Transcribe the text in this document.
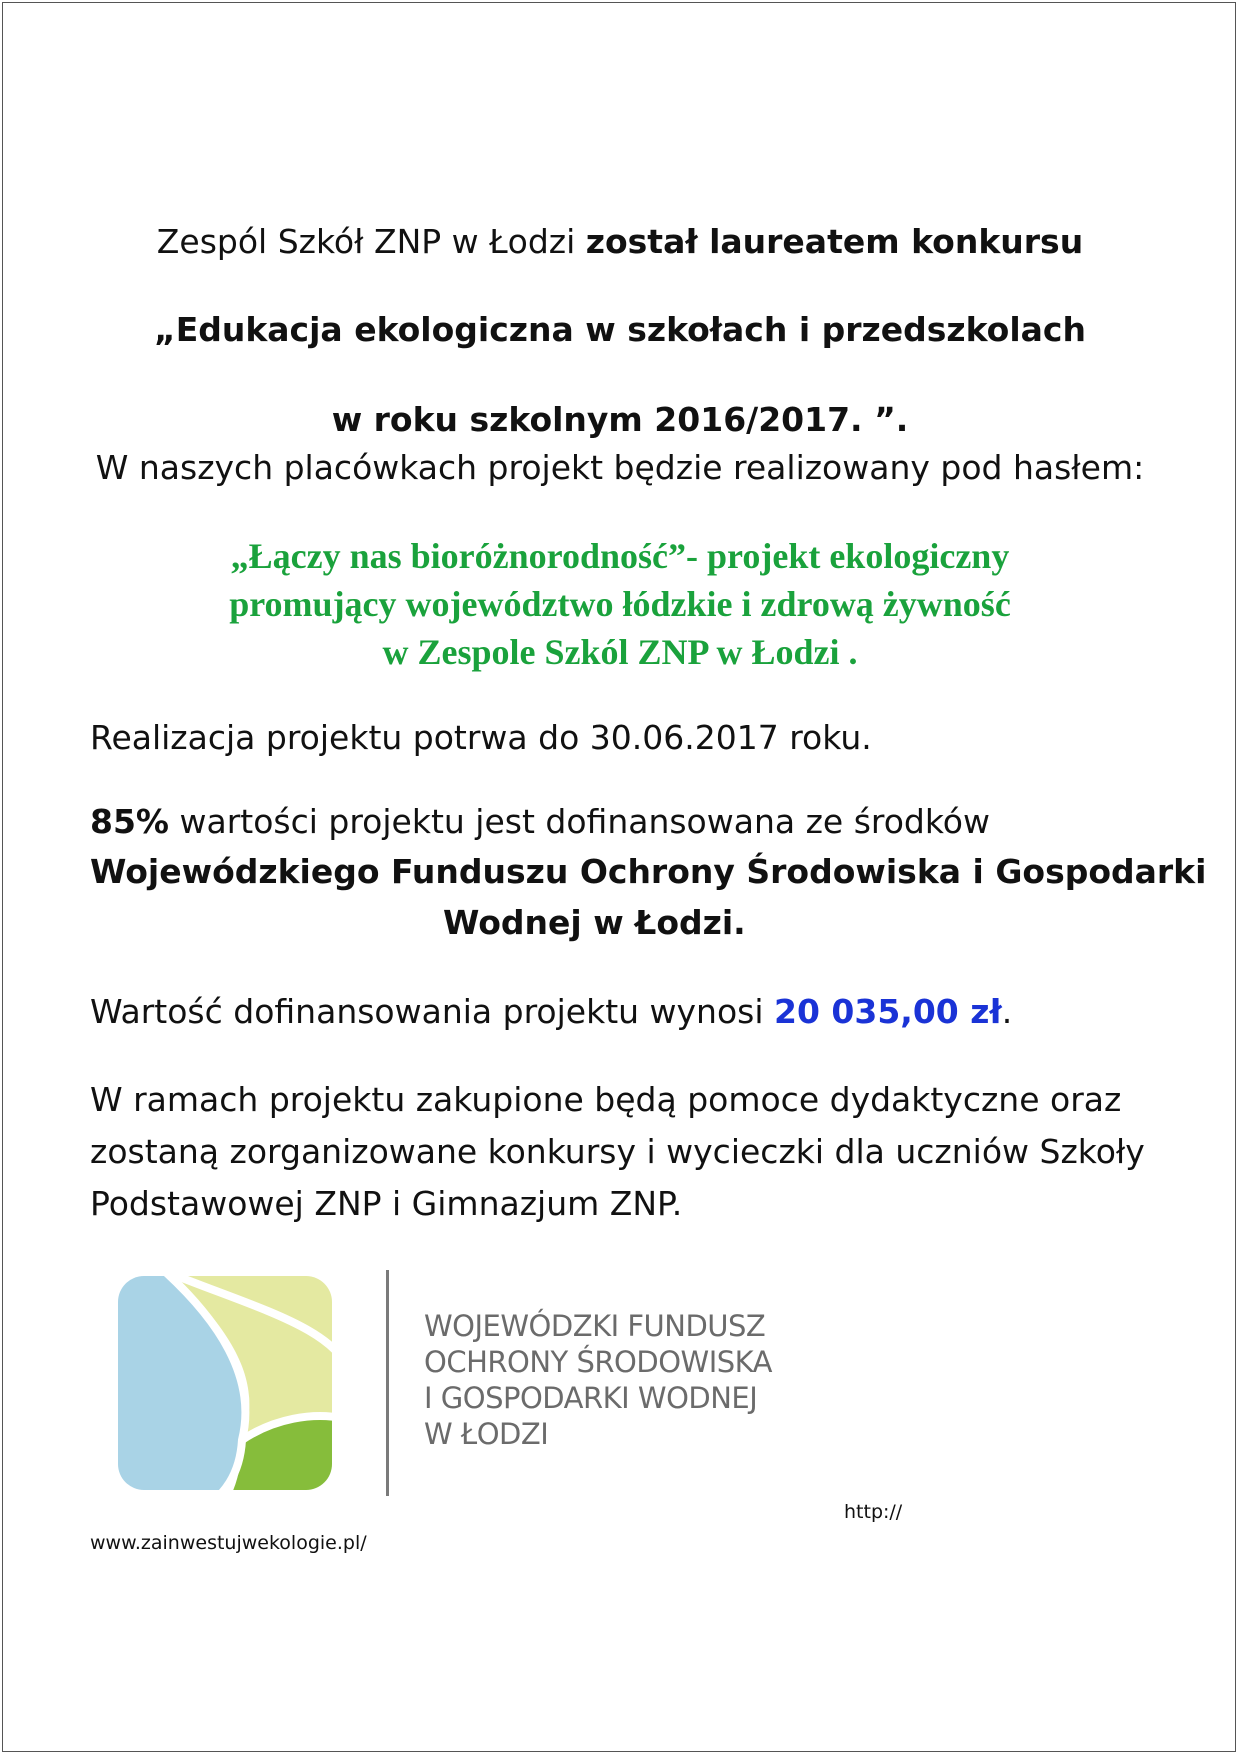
Zespól Szkół ZNP w Łodzi został laureatem konkursu
„Edukacja ekologiczna w szkołach i przedszkolach
w roku szkolnym 2016/2017. ”.
W naszych placówkach projekt będzie realizowany pod hasłem:
„Łączy nas bioróżnorodność”- projekt ekologiczny
promujący województwo łódzkie i zdrową żywność
w Zespole Szkól ZNP w Łodzi .
Realizacja projektu potrwa do 30.06.2017 roku.
85% wartości projektu jest dofinansowana ze środków
Wojewódzkiego Funduszu Ochrony Środowiska i Gospodarki
Wodnej w Łodzi.
Wartość dofinansowania projektu wynosi 20 035,00 zł.
W ramach projektu zakupione będą pomoce dydaktyczne oraz
zostaną zorganizowane konkursy i wycieczki dla uczniów Szkoły
Podstawowej ZNP i Gimnazjum ZNP.
WOJEWÓDZKI FUNDUSZ
OCHRONY ŚRODOWISKA
I GOSPODARKI WODNEJ
W ŁODZI
http://
www.zainwestujwekologie.pl/
